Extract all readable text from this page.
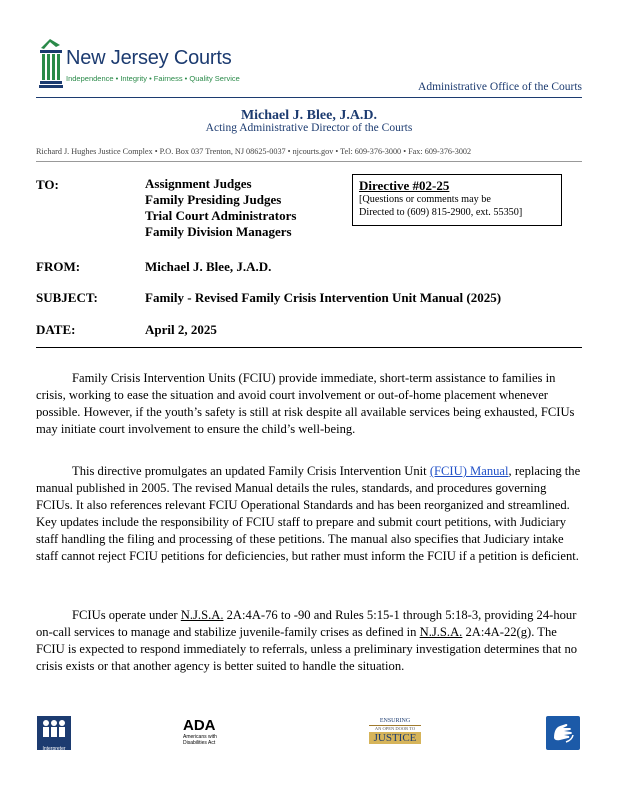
New Jersey Courts
Independence • Integrity • Fairness • Quality Service
Administrative Office of the Courts
Michael J. Blee, J.A.D.
Acting Administrative Director of the Courts
Richard J. Hughes Justice Complex • P.O. Box 037 Trenton, NJ 08625-0037 • njcourts.gov • Tel: 609-376-3000 • Fax: 609-376-3002
TO:	Assignment Judges
Family Presiding Judges
Trial Court Administrators
Family Division Managers
Directive #02-25
[Questions or comments may be
Directed to (609) 815-2900, ext. 55350]
FROM:	Michael J. Blee, J.A.D.
SUBJECT:	Family - Revised Family Crisis Intervention Unit Manual (2025)
DATE:	April 2, 2025

Family Crisis Intervention Units (FCIU) provide immediate, short-term assistance to families in crisis, working to ease the situation and avoid court involvement or out-of-home placement whenever possible. However, if the youth’s safety is still at risk despite all available services being exhausted, FCIUs may initiate court involvement to ensure the child’s well-being.

This directive promulgates an updated Family Crisis Intervention Unit (FCIU) Manual, replacing the manual published in 2005. The revised Manual details the rules, standards, and procedures governing FCIUs. It also references relevant FCIU Operational Standards and has been reorganized and streamlined. Key updates include the responsibility of FCIU staff to prepare and submit court petitions, with Judiciary staff handling the filing and processing of these petitions. The manual also specifies that Judiciary intake staff cannot reject FCIU petitions for deficiencies, but rather must inform the FCIU if a petition is deficient.

FCIUs operate under N.J.S.A. 2A:4A-76 to -90 and Rules 5:15-1 through 5:18-3, providing 24-hour on-call services to manage and stabilize juvenile-family crises as defined in N.J.S.A. 2A:4A-22(g). The FCIU is expected to respond immediately to referrals, unless a preliminary investigation determines that no crisis exists or that another agency is better suited to handle the situation.

Interpreter
ADA
Americans with Disabilities Act
ENSURING
AN OPEN DOOR TO
JUSTICE
